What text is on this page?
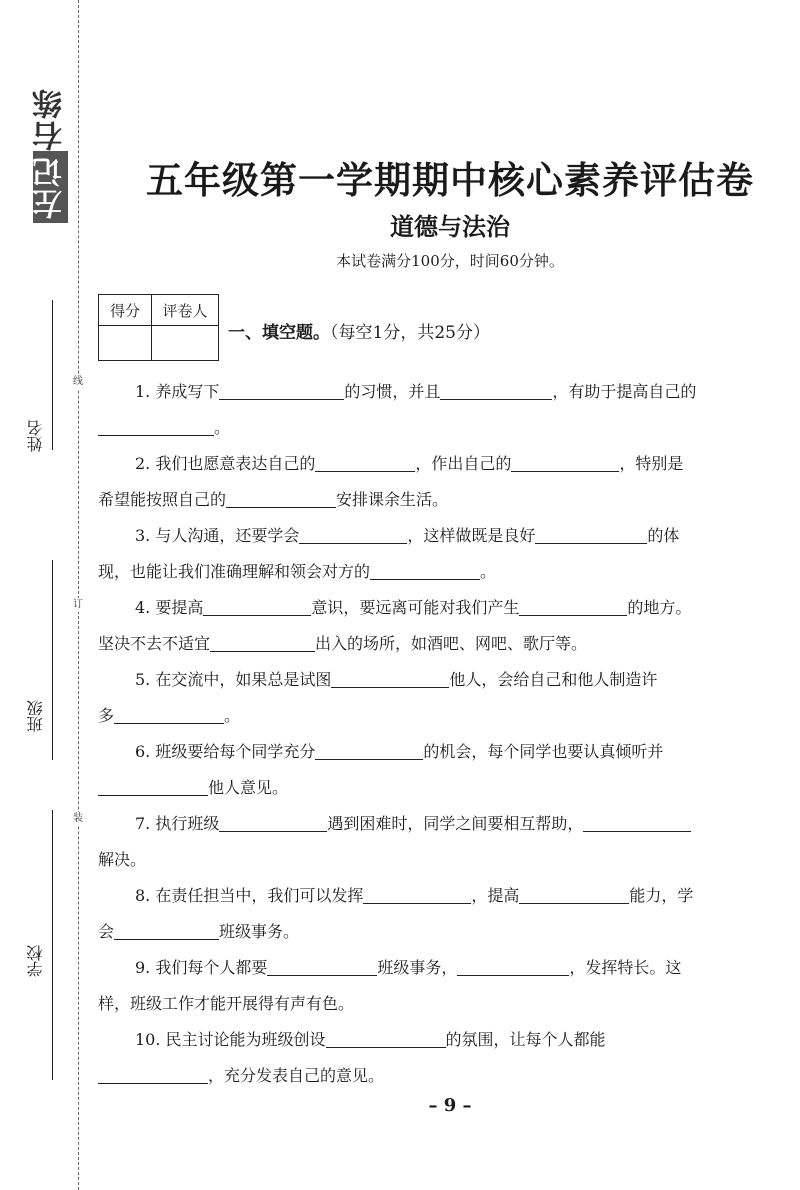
左记右练
姓名
班级
学校
线
订
装
五年级第一学期期中核心素养评估卷
道德与法治
本试卷满分100分，时间60分钟。
得分	评卷人

一、填空题。（每空1分，共25分）
1. 养成写下	的习惯，并且	，有助于提高自己的
。
2. 我们也愿意表达自己的	，作出自己的	，特别是
希望能按照自己的	安排课余生活。
3. 与人沟通，还要学会	，这样做既是良好	的体
现，也能让我们准确理解和领会对方的	。
4. 要提高	意识，要远离可能对我们产生	的地方。
坚决不去不适宜	出入的场所，如酒吧、网吧、歌厅等。
5. 在交流中，如果总是试图	他人，会给自己和他人制造许
多	。
6. 班级要给每个同学充分	的机会，每个同学也要认真倾听并
他人意见。
7. 执行班级	遇到困难时，同学之间要相互帮助，
解决。
8. 在责任担当中，我们可以发挥	，提高	能力，学
会	班级事务。
9. 我们每个人都要	班级事务，	，发挥特长。这
样，班级工作才能开展得有声有色。
10. 民主讨论能为班级创设	的氛围，让每个人都能
，充分发表自己的意见。
– 9 –
